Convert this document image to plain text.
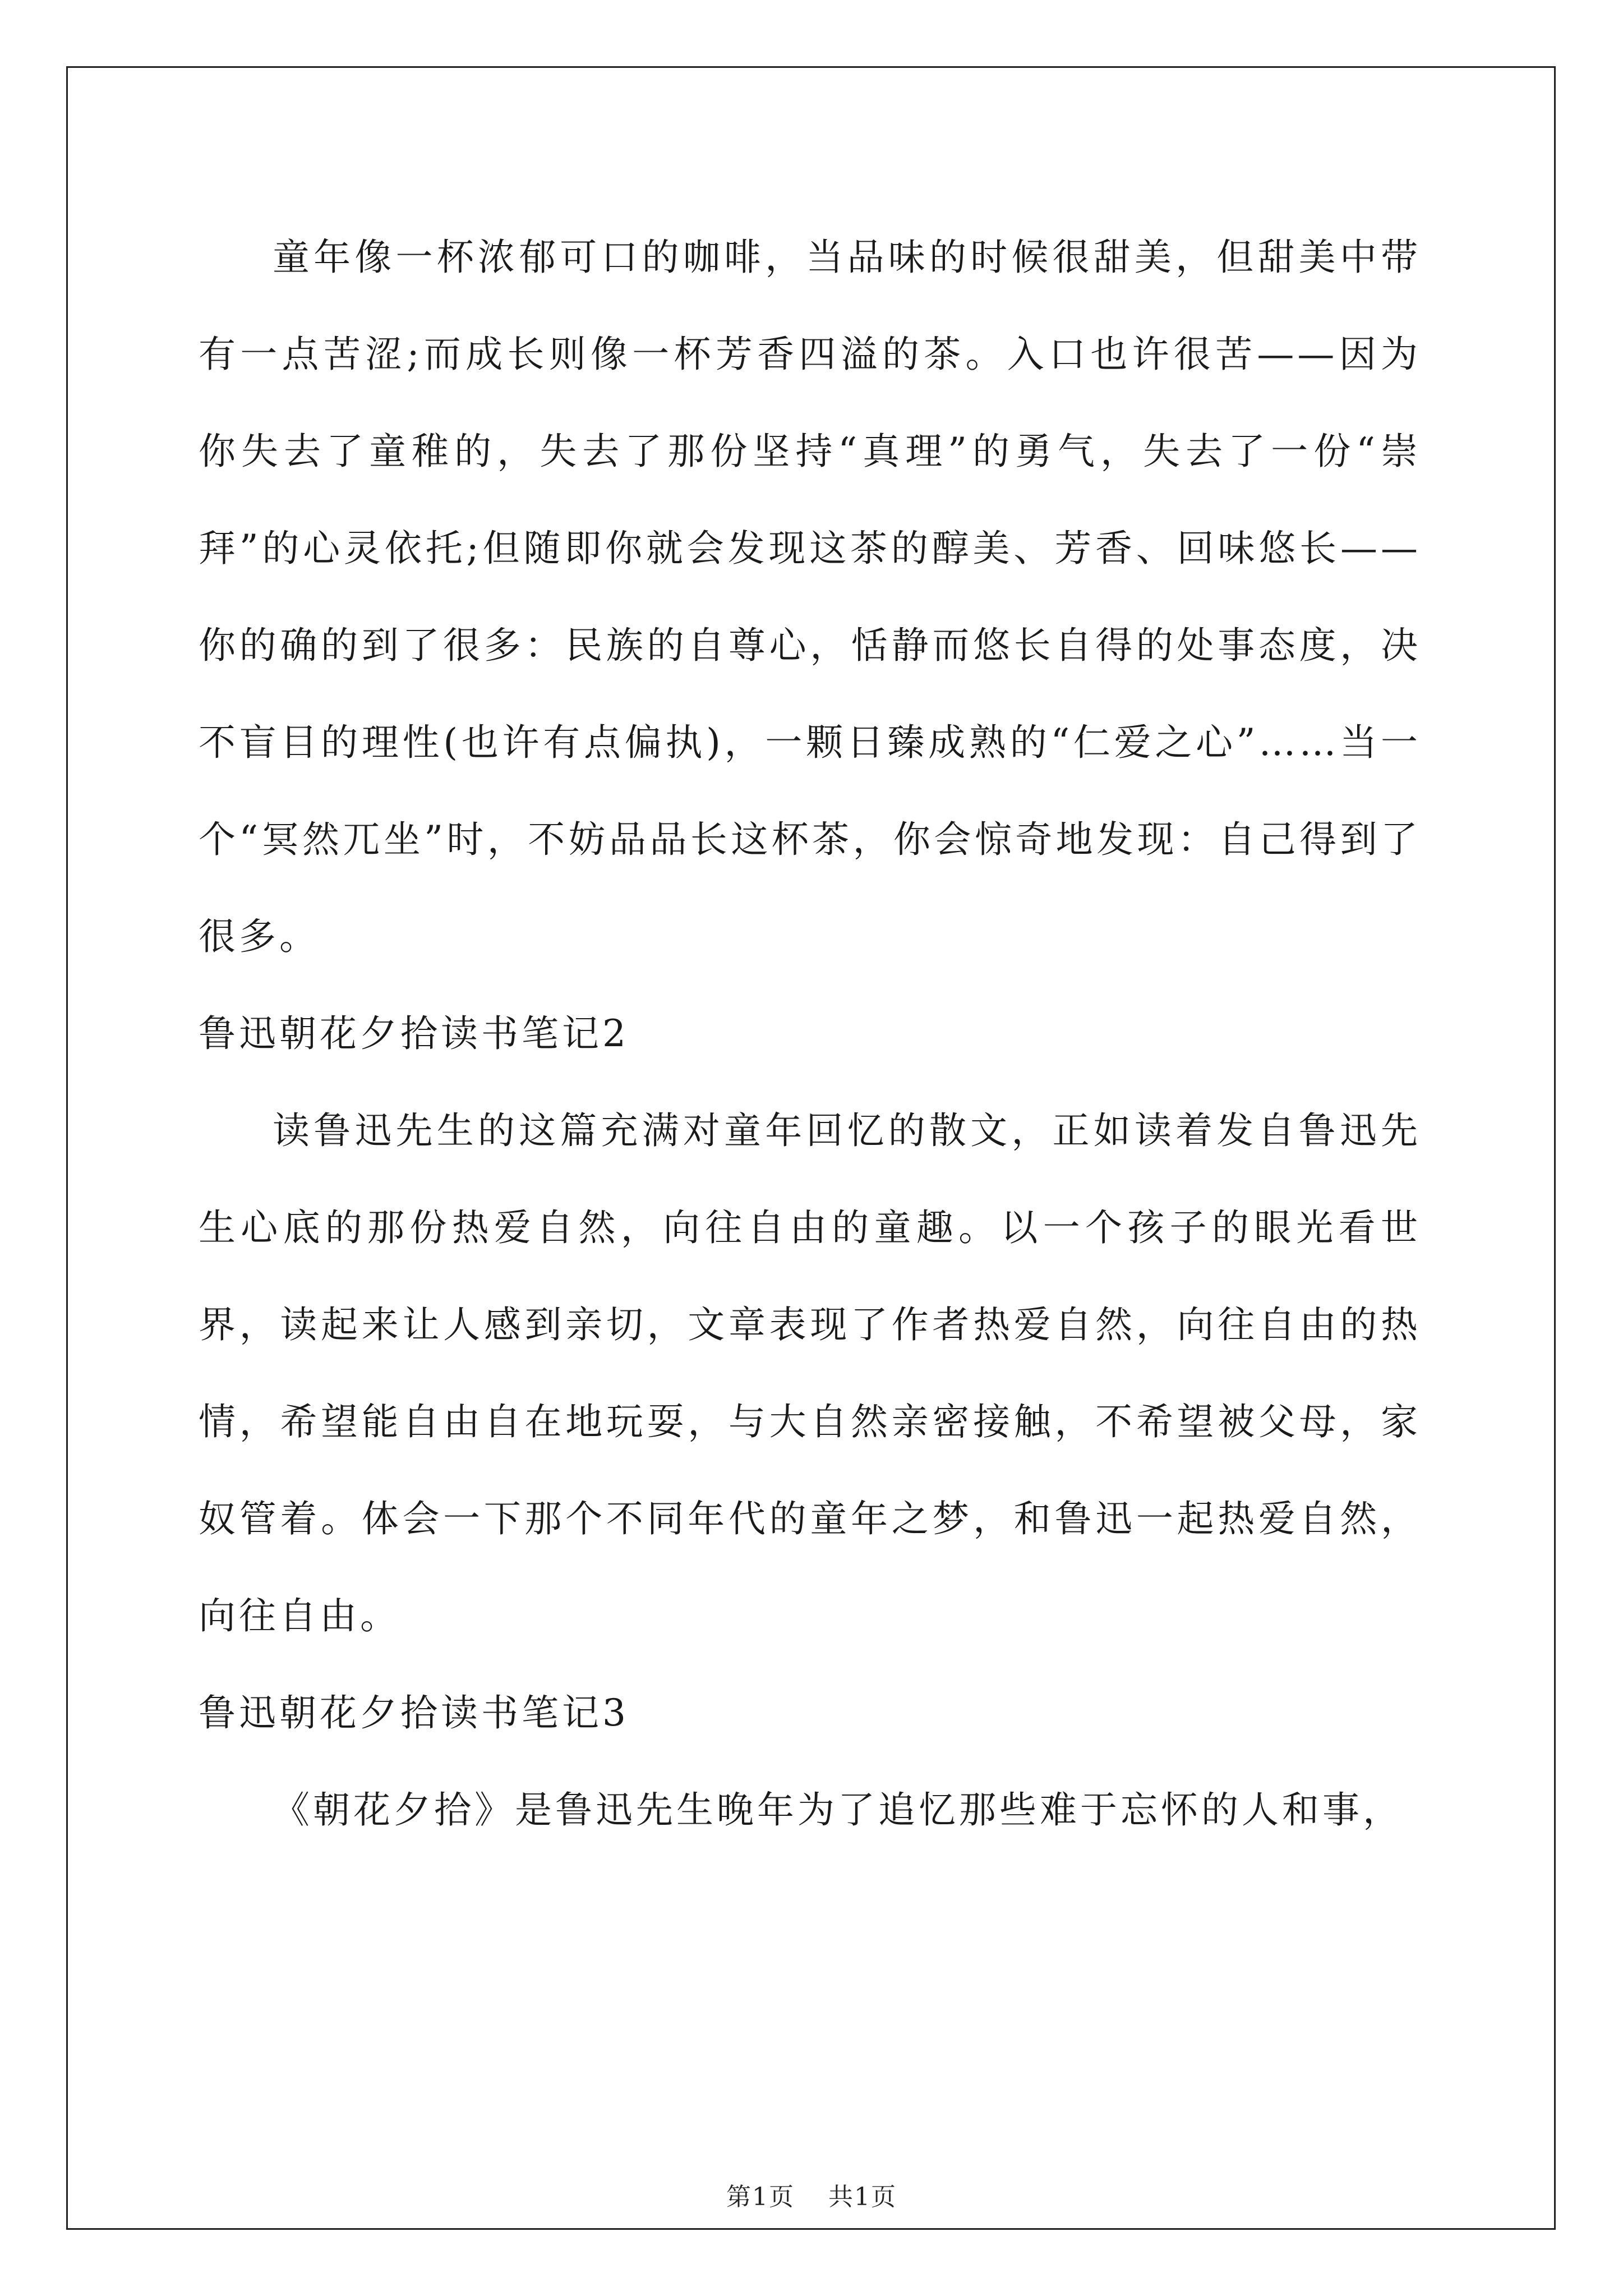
童年像一杯浓郁可口的咖啡，当品味的时候很甜美，但甜美中带有一点苦涩;而成长则像一杯芳香四溢的茶。入口也许很苦——因为你失去了童稚的，失去了那份坚持“真理”的勇气，失去了一份“崇拜”的心灵依托;但随即你就会发现这茶的醇美、芳香、回味悠长——你的确的到了很多：民族的自尊心，恬静而悠长自得的处事态度，决不盲目的理性(也许有点偏执)，一颗日臻成熟的“仁爱之心”……当一个“冥然兀坐”时，不妨品品长这杯茶，你会惊奇地发现：自己得到了很多。

鲁迅朝花夕拾读书笔记2

读鲁迅先生的这篇充满对童年回忆的散文，正如读着发自鲁迅先生心底的那份热爱自然，向往自由的童趣。以一个孩子的眼光看世界，读起来让人感到亲切，文章表现了作者热爱自然，向往自由的热情，希望能自由自在地玩耍，与大自然亲密接触，不希望被父母，家奴管着。体会一下那个不同年代的童年之梦，和鲁迅一起热爱自然，向往自由。

鲁迅朝花夕拾读书笔记3

《朝花夕拾》是鲁迅先生晚年为了追忆那些难于忘怀的人和事，

第1页 共1页
